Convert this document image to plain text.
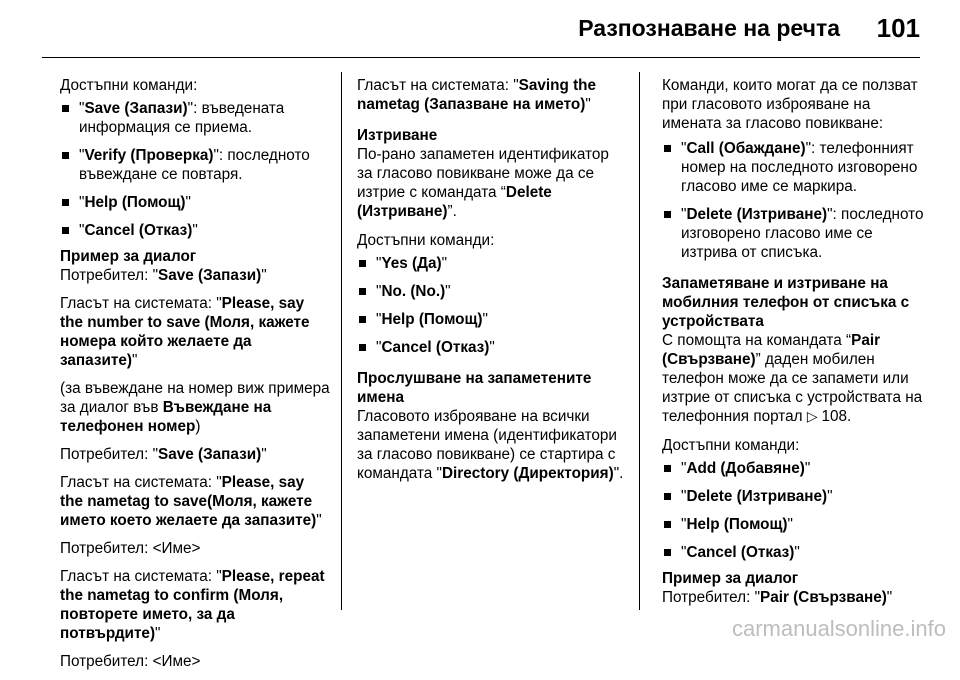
Разпознаване на речта 101

Достъпни команди:

"Save (Запази)": въведената информация се приема.
"Verify (Проверка)": последното въвеждане се повтаря.
"Help (Помощ)"
"Cancel (Отказ)"

Пример за диалог

Потребител: "Save (Запази)"

Гласът на системата: "Please, say the number to save (Моля, кажете номера който желаете да запазите)"

(за въвеждане на номер виж примера за диалог във Въвеждане на телефонен номер)

Потребител: "Save (Запази)"

Гласът на системата: "Please, say the nametag to save(Моля, кажете името което желаете да запазите)"

Потребител: <Име>

Гласът на системата: "Please, repeat the nametag to confirm (Моля, повторете името, за да потвърдите)"

Потребител: <Име>

Гласът на системата: "Saving the nametag (Запазване на името)"

Изтриване

По-рано запаметен идентификатор за гласово повикване може да се изтрие с командата “Delete (Изтриване)”.

Достъпни команди:

"Yes (Да)"
"No. (No.)"
"Help (Помощ)"
"Cancel (Отказ)"

Прослушване на запаметените имена

Гласовото изброяване на всички запаметени имена (идентификатори за гласово повикване) се стартира с командата "Directory (Директория)".

Команди, които могат да се ползват при гласовото изброяване на имената за гласово повикване:

"Call (Обаждане)": телефонният номер на последното изговорено гласово име се маркира.
"Delete (Изтриване)": последното изговорено гласово име се изтрива от списъка.

Запаметяване и изтриване на мобилния телефон от списъка с устройствата

С помощта на командата “Pair (Свързване)” даден мобилен телефон може да се запамети или изтрие от списъка с устройствата на телефонния портал ▷ 108.

Достъпни команди:

"Add (Добавяне)"
"Delete (Изтриване)"
"Help (Помощ)"
"Cancel (Отказ)"

Пример за диалог

Потребител: "Pair (Свързване)"

carmanualsonline.info
